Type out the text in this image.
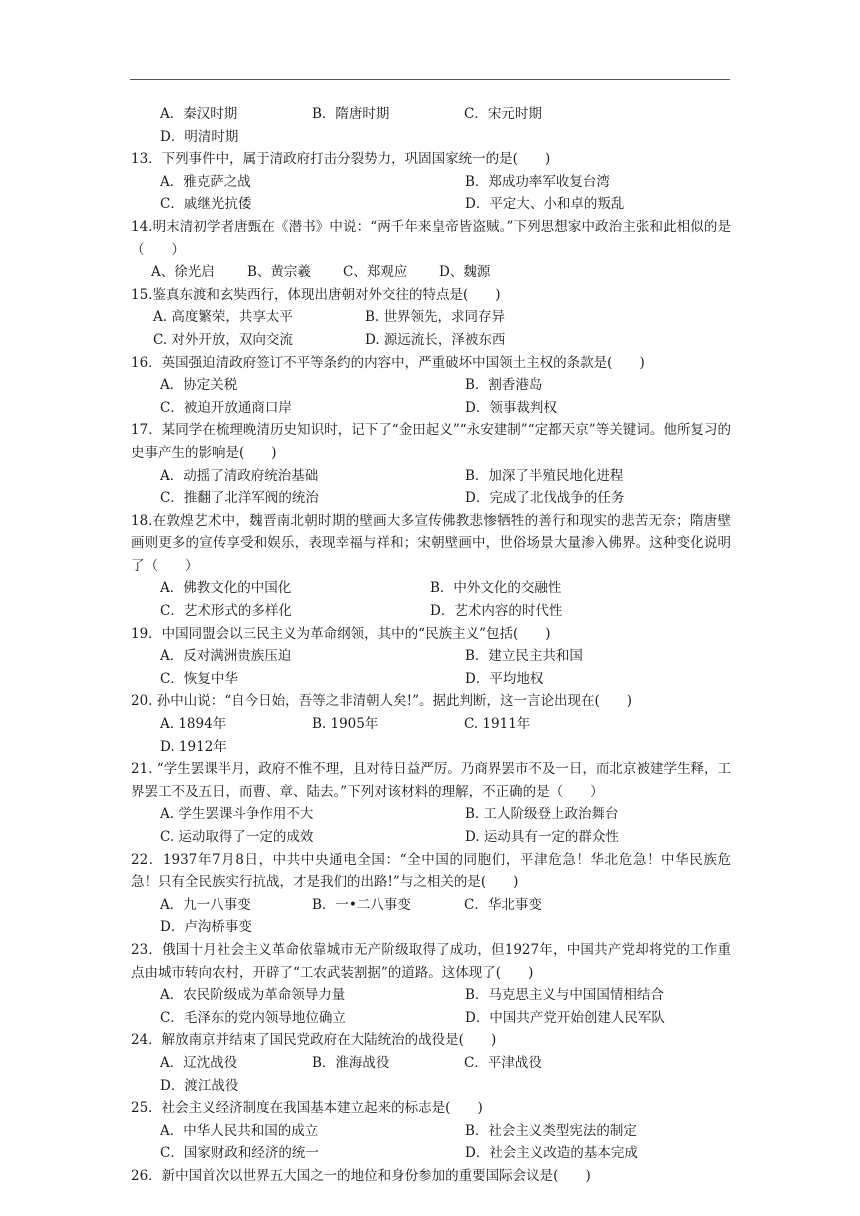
A．秦汉时期	B．隋唐时期	C．宋元时期
D．明清时期
13．下列事件中，属于清政府打击分裂势力，巩固国家统一的是(　　)
A．雅克萨之战	B．郑成功率军收复台湾
C．戚继光抗倭	D．平定大、小和卓的叛乱
14.明末清初学者唐甄在《潜书》中说：“两千年来皇帝皆盗贼。”下列思想家中政治主张和此相似的是（　　）
A、徐光启	B、黄宗羲	C、郑观应	D、魏源
15.鉴真东渡和玄奘西行，体现出唐朝对外交往的特点是(　　)
A. 高度繁荣，共享太平	B. 世界领先，求同存异
C. 对外开放，双向交流	D. 源远流长，泽被东西
16．英国强迫清政府签订不平等条约的内容中，严重破坏中国领土主权的条款是(　　)
A．协定关税	B．割香港岛
C．被迫开放通商口岸	D．领事裁判权
17．某同学在梳理晚清历史知识时，记下了“金田起义”“永安建制”“定都天京”等关键词。他所复习的史事产生的影响是(　　)
A．动摇了清政府统治基础	B．加深了半殖民地化进程
C．推翻了北洋军阀的统治	D．完成了北伐战争的任务
18.在敦煌艺术中，魏晋南北朝时期的壁画大多宣传佛教悲惨牺牲的善行和现实的悲苦无奈；隋唐壁画则更多的宣传享受和娱乐，表现幸福与祥和；宋朝壁画中，世俗场景大量渗入佛界。这种变化说明了（　　）
A．佛教文化的中国化	B．中外文化的交融性
C．艺术形式的多样化	D．艺术内容的时代性
19．中国同盟会以三民主义为革命纲领，其中的“民族主义”包括(　　)
A．反对满洲贵族压迫	B．建立民主共和国
C．恢复中华	D．平均地权
20. 孙中山说：“自今日始，吾等之非清朝人矣!”。据此判断，这一言论出现在(　　)
A. 1894年	B. 1905年	C. 1911年
D. 1912年
21. “学生罢课半月，政府不惟不理，且对待日益严厉。乃商界罢市不及一日，而北京被建学生释，工界罢工不及五日，而曹、章、陆去。”下列对该材料的理解，不正确的是（　　）
A. 学生罢课斗争作用不大	B. 工人阶级登上政治舞台
C. 运动取得了一定的成效	D. 运动具有一定的群众性
22．1937年7月8日，中共中央通电全国：“全中国的同胞们，平津危急！华北危急！中华民族危急！只有全民族实行抗战，才是我们的出路!”与之相关的是(　　)
A．九一八事变	B．一•二八事变	C．华北事变
D．卢沟桥事变
23．俄国十月社会主义革命依靠城市无产阶级取得了成功，但1927年，中国共产党却将党的工作重点由城市转向农村，开辟了“工农武装割据”的道路。这体现了(　　)
A．农民阶级成为革命领导力量	B．马克思主义与中国国情相结合
C．毛泽东的党内领导地位确立	D．中国共产党开始创建人民军队
24．解放南京并结束了国民党政府在大陆统治的战役是(　　)
A．辽沈战役	B．淮海战役	C．平津战役
D．渡江战役
25．社会主义经济制度在我国基本建立起来的标志是(　　)
A．中华人民共和国的成立	B．社会主义类型宪法的制定
C．国家财政和经济的统一	D．社会主义改造的基本完成
26．新中国首次以世界五大国之一的地位和身份参加的重要国际会议是(　　)
